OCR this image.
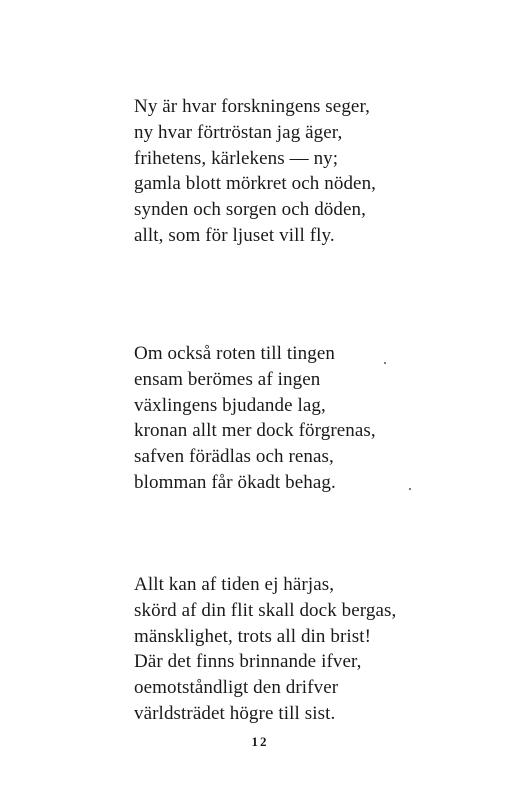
Ny är hvar forskningens seger,
ny hvar förtröstan jag äger,
frihetens, kärlekens — ny;
gamla blott mörkret och nöden,
synden och sorgen och döden,
allt, som för ljuset vill fly.
Om också roten till tingen
ensam berömes af ingen
växlingens bjudande lag,
kronan allt mer dock förgrenas,
safven förädlas och renas,
blomman får ökadt behag.
Allt kan af tiden ej härjas,
skörd af din flit skall dock bergas,
mänsklighet, trots all din brist!
Där det finns brinnande ifver,
oemotståndligt den drifver
världsträdet högre till sist.
12
